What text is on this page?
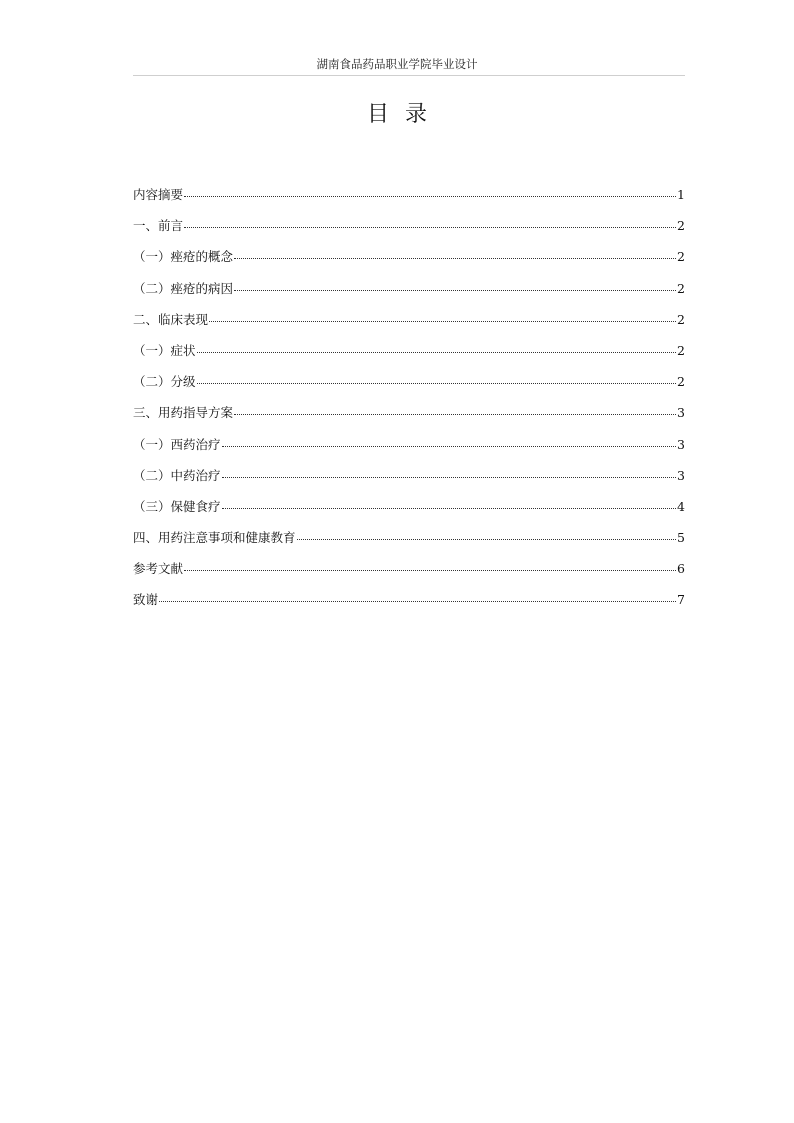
湖南食品药品职业学院毕业设计
目录
内容摘要	1
一、前言	2
（一）痤疮的概念	2
（二）痤疮的病因	2
二、临床表现	2
（一）症状	2
（二）分级	2
三、用药指导方案	3
（一）西药治疗	3
（二）中药治疗	3
（三）保健食疗	4
四、用药注意事项和健康教育	5
参考文献	6
致谢	7
